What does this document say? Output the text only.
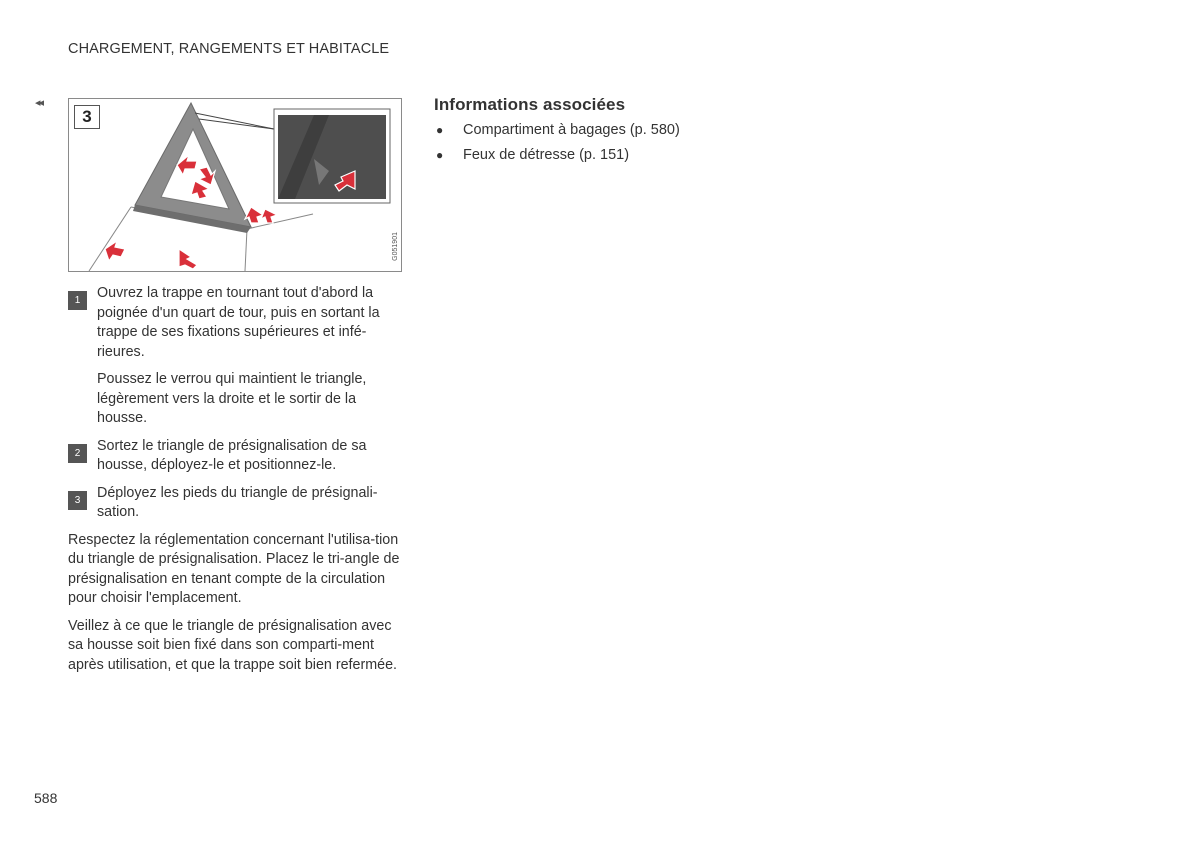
CHARGEMENT, RANGEMENTS ET HABITACLE
◂◂
3
G051901
1	Ouvrez la trappe en tournant tout d'abord la poignée d'un quart de tour, puis en sortant la trappe de ses fixations supérieures et infé-rieures.

Poussez le verrou qui maintient le triangle, légèrement vers la droite et le sortir de la housse.

2	Sortez le triangle de présignalisation de sa housse, déployez-le et positionnez-le.

3	Déployez les pieds du triangle de présignali-sation.

Respectez la réglementation concernant l'utilisa-tion du triangle de présignalisation. Placez le tri-angle de présignalisation en tenant compte de la circulation pour choisir l'emplacement.

Veillez à ce que le triangle de présignalisation avec sa housse soit bien fixé dans son comparti-ment après utilisation, et que la trappe soit bien refermée.

Informations associées
● Compartiment à bagages (p. 580)
● Feux de détresse (p. 151)
588
